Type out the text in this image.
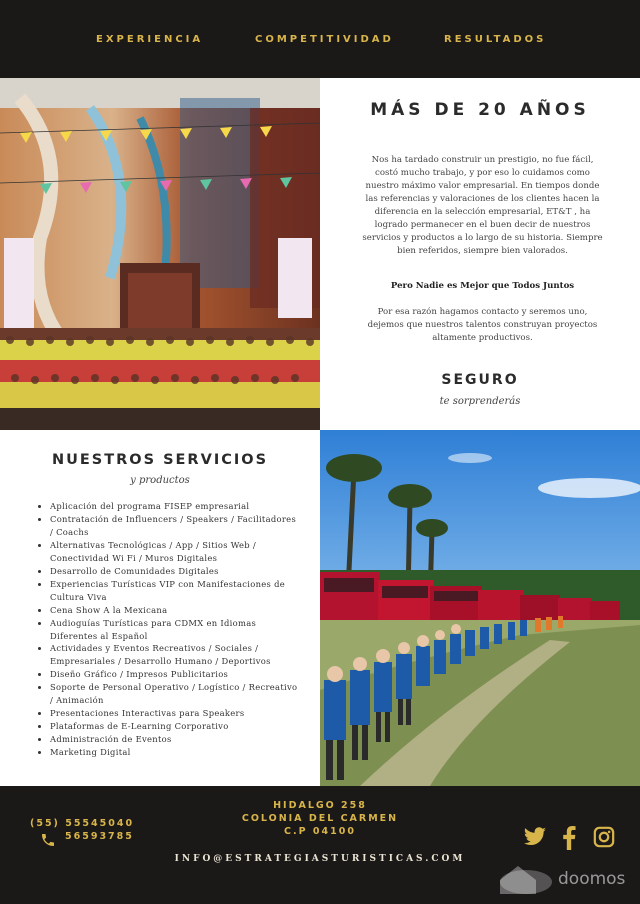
EXPERIENCIA	COMPETITIVIDAD	RESULTADOS
MÁS DE 20 AÑOS

Nos ha tardado construir un prestigio, no fue fácil, costó mucho trabajo, y por eso lo cuidamos como nuestro máximo valor empresarial. En tiempos donde las referencias y valoraciones de los clientes hacen la diferencia en la selección empresarial, ET&T , ha logrado permanecer en el buen decir de nuestros servicios y productos a lo largo de su historia. Siempre bien referidos, siempre bien valorados.

Pero Nadie es Mejor que Todos Juntos

Por esa razón hagamos contacto y seremos uno, dejemos que nuestros talentos construyan proyectos altamente productivos.

SEGURO
te sorprenderás
NUESTROS SERVICIOS
y productos
• Aplicación del programa FISEP empresarial
• Contratación de Influencers / Speakers / Facilitadores / Coachs
• Alternativas Tecnológicas / App / Sitios Web / Conectividad Wi Fi / Muros Digitales
• Desarrollo de Comunidades Digitales
• Experiencias Turísticas VIP con Manifestaciones de Cultura Viva
• Cena Show A la Mexicana
• Audioguías Turísticas para CDMX en Idiomas Diferentes al Español
• Actividades y Eventos Recreativos / Sociales / Empresariales / Desarrollo Humano / Deportivos
• Diseño Gráfico / Impresos Publicitarios
• Soporte de Personal Operativo / Logístico / Recreativo / Animación
• Presentaciones Interactivas para Speakers
• Plataformas de E-Learning Corporativo
• Administración de Eventos
• Marketing Digital
HIDALGO 258
COLONIA DEL CARMEN
C.P 04100
(55) 55545040
56593785
INFO@ESTRATEGIASTURISTICAS.COM
doomos
